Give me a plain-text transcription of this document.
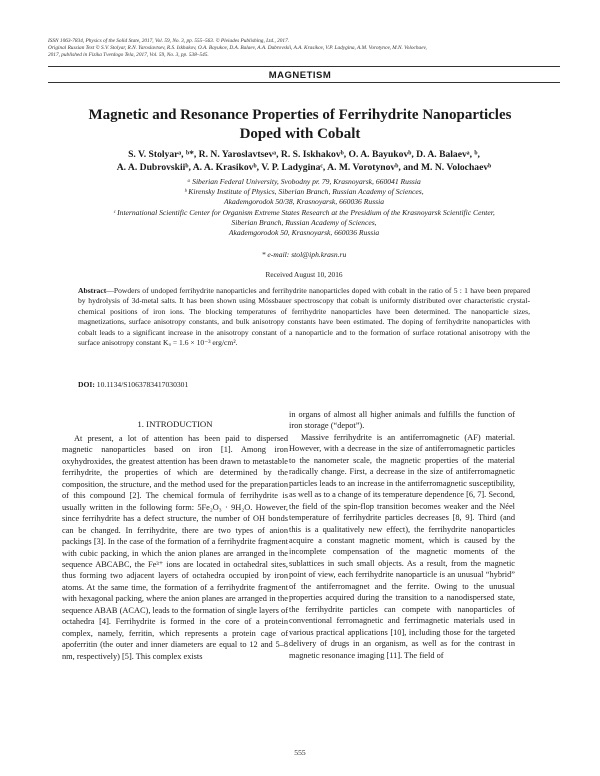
ISSN 1063-7834, Physics of the Solid State, 2017, Vol. 59, No. 3, pp. 555–563. © Pleiades Publishing, Ltd., 2017.
Original Russian Text © S.V. Stolyar, R.N. Yaroslavtsev, R.S. Iskhakov, O.A. Bayukov, D.A. Balaev, A.A. Dubrovskii, A.A. Krasikov, V.P. Ladygina, A.M. Vorotynov, M.N. Volochaev,
2017, published in Fizika Tverdogo Tela, 2017, Vol. 59, No. 3, pp. 538–545.
MAGNETISM
Magnetic and Resonance Properties of Ferrihydrite Nanoparticles
Doped with Cobalt
S. V. Stolyarᵃ, ᵇ*, R. N. Yaroslavtsevᵃ, R. S. Iskhakovᵇ, O. A. Bayukovᵇ, D. A. Balaevᵃ, ᵇ,
A. A. Dubrovskiiᵇ, A. A. Krasikovᵇ, V. P. Ladyginaᶜ, A. M. Vorotynovᵇ, and M. N. Volochaevᵇ
ᵃ Siberian Federal University, Svobodny pr. 79, Krasnoyarsk, 660041 Russia
ᵇ Kirensky Institute of Physics, Siberian Branch, Russian Academy of Sciences,
Akademgorodok 50/38, Krasnoyarsk, 660036 Russia
ᶜ International Scientific Center for Organism Extreme States Research at the Presidium of the Krasnoyarsk Scientific Center,
Siberian Branch, Russian Academy of Sciences,
Akademgorodok 50, Krasnoyarsk, 660036 Russia
* e-mail: stol@iph.krasn.ru
Received August 10, 2016
Abstract—Powders of undoped ferrihydrite nanoparticles and ferrihydrite nanoparticles doped with cobalt in the ratio of 5 : 1 have been prepared by hydrolysis of 3d-metal salts. It has been shown using Mössbauer spectroscopy that cobalt is uniformly distributed over characteristic crystal-chemical positions of iron ions. The blocking temperatures of ferrihydrite nanoparticles have been determined. The nanoparticle sizes, magnetizations, surface anisotropy constants, and bulk anisotropy constants have been estimated. The doping of ferrihydrite nanoparticles with cobalt leads to a significant increase in the anisotropy constant of a nanoparticle and to the formation of surface rotational anisotropy with the surface anisotropy constant Kᵤ = 1.6 × 10⁻³ erg/cm².
DOI: 10.1134/S1063783417030301
1. INTRODUCTION

At present, a lot of attention has been paid to dispersed magnetic nanoparticles based on iron [1]. Among iron oxyhydroxides, the greatest attention has been drawn to metastable ferrihydrite, the properties of which are determined by the composition, the structure, and the method used for the preparation of this compound [2]. The chemical formula of ferrihydrite is usually written in the following form: 5Fe₂O₃ · 9H₂O. However, since ferrihydrite has a defect structure, the number of OH bonds can be changed. In ferrihydrite, there are two types of anion packings [3]. In the case of the formation of a ferrihydrite fragment with cubic packing, in which the anion planes are arranged in the sequence ABCABC, the Fe³⁺ ions are located in octahedral sites, thus forming two adjacent layers of octahedra occupied by iron atoms. At the same time, the formation of a ferrihydrite fragment with hexagonal packing, where the anion planes are arranged in the sequence ABAB (ACAC), leads to the formation of single layers of octahedra [4]. Ferrihydrite is formed in the core of a protein complex, namely, ferritin, which represents a protein cage of apoferritin (the outer and inner diameters are equal to 12 and 5–8 nm, respectively) [5]. This complex exists

in organs of almost all higher animals and fulfills the function of iron storage (“depot”).

Massive ferrihydrite is an antiferromagnetic (AF) material. However, with a decrease in the size of antiferromagnetic particles to the nanometer scale, the magnetic properties of the material radically change. First, a decrease in the size of antiferromagnetic particles leads to an increase in the antiferromagnetic susceptibility, as well as to a change of its temperature dependence [6, 7]. Second, the field of the spin-flop transition becomes weaker and the Néel temperature of ferrihydrite particles decreases [8, 9]. Third (and this is a qualitatively new effect), the ferrihydrite nanoparticles acquire a constant magnetic moment, which is caused by the incomplete compensation of the magnetic moments of the sublattices in such small objects. As a result, from the magnetic point of view, each ferrihydrite nanoparticle is an unusual “hybrid” of the antiferromagnet and the ferrite. Owing to the unusual properties acquired during the transition to a nanodispersed state, the ferrihydrite particles can compete with nanoparticles of conventional ferromagnetic and ferrimagnetic materials used in various practical applications [10], including those for the targeted delivery of drugs in an organism, as well as for the contrast in magnetic resonance imaging [11]. The field of

555
